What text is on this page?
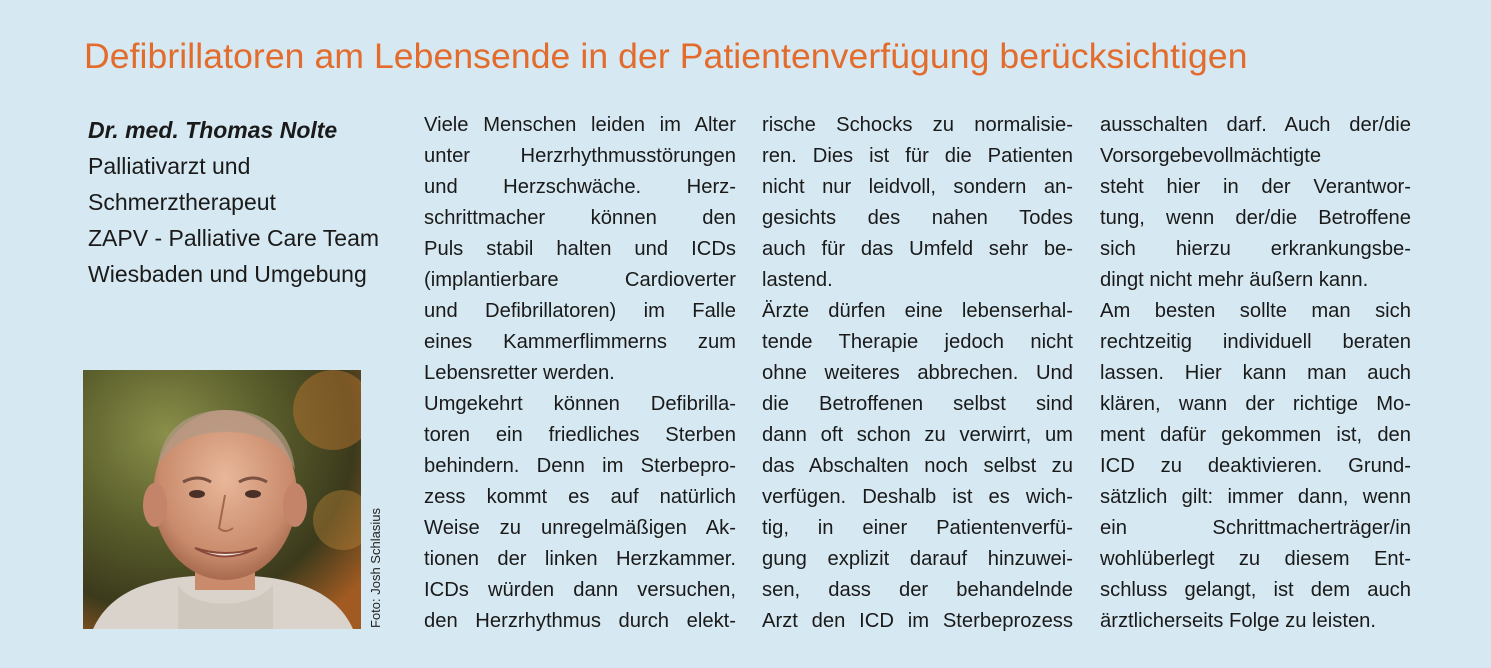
Defibrillatoren am Lebensende in der Patientenverfügung berücksichtigen
Dr. med. Thomas Nolte
Palliativarzt und
Schmerztherapeut
ZAPV - Palliative Care Team
Wiesbaden und Umgebung
Foto: Josh Schlasius
Viele Menschen leiden im Alter
unter Herzrhythmusstörungen
und Herzschwäche. Herz-
schrittmacher können den
Puls stabil halten und ICDs
(implantierbare Cardioverter
und Defibrillatoren) im Falle
eines Kammerflimmerns zum
Lebensretter werden.
Umgekehrt können Defibrilla-
toren ein friedliches Sterben
behindern. Denn im Sterbepro-
zess kommt es auf natürlich
Weise zu unregelmäßigen Ak-
tionen der linken Herzkammer.
ICDs würden dann versuchen,
den Herzrhythmus durch elekt-
rische Schocks zu normalisie-
ren. Dies ist für die Patienten
nicht nur leidvoll, sondern an-
gesichts des nahen Todes
auch für das Umfeld sehr be-
lastend.
Ärzte dürfen eine lebenserhal-
tende Therapie jedoch nicht
ohne weiteres abbrechen. Und
die Betroffenen selbst sind
dann oft schon zu verwirrt, um
das Abschalten noch selbst zu
verfügen. Deshalb ist es wich-
tig, in einer Patientenverfü-
gung explizit darauf hinzuwei-
sen, dass der behandelnde
Arzt den ICD im Sterbeprozess
ausschalten darf. Auch der/die
Vorsorgebevollmächtigte
steht hier in der Verantwor-
tung, wenn der/die Betroffene
sich hierzu erkrankungsbe-
dingt nicht mehr äußern kann.
Am besten sollte man sich
rechtzeitig individuell beraten
lassen. Hier kann man auch
klären, wann der richtige Mo-
ment dafür gekommen ist, den
ICD zu deaktivieren. Grund-
sätzlich gilt: immer dann, wenn
ein Schrittmacherträger/in
wohlüberlegt zu diesem Ent-
schluss gelangt, ist dem auch
ärztlicherseits Folge zu leisten.
